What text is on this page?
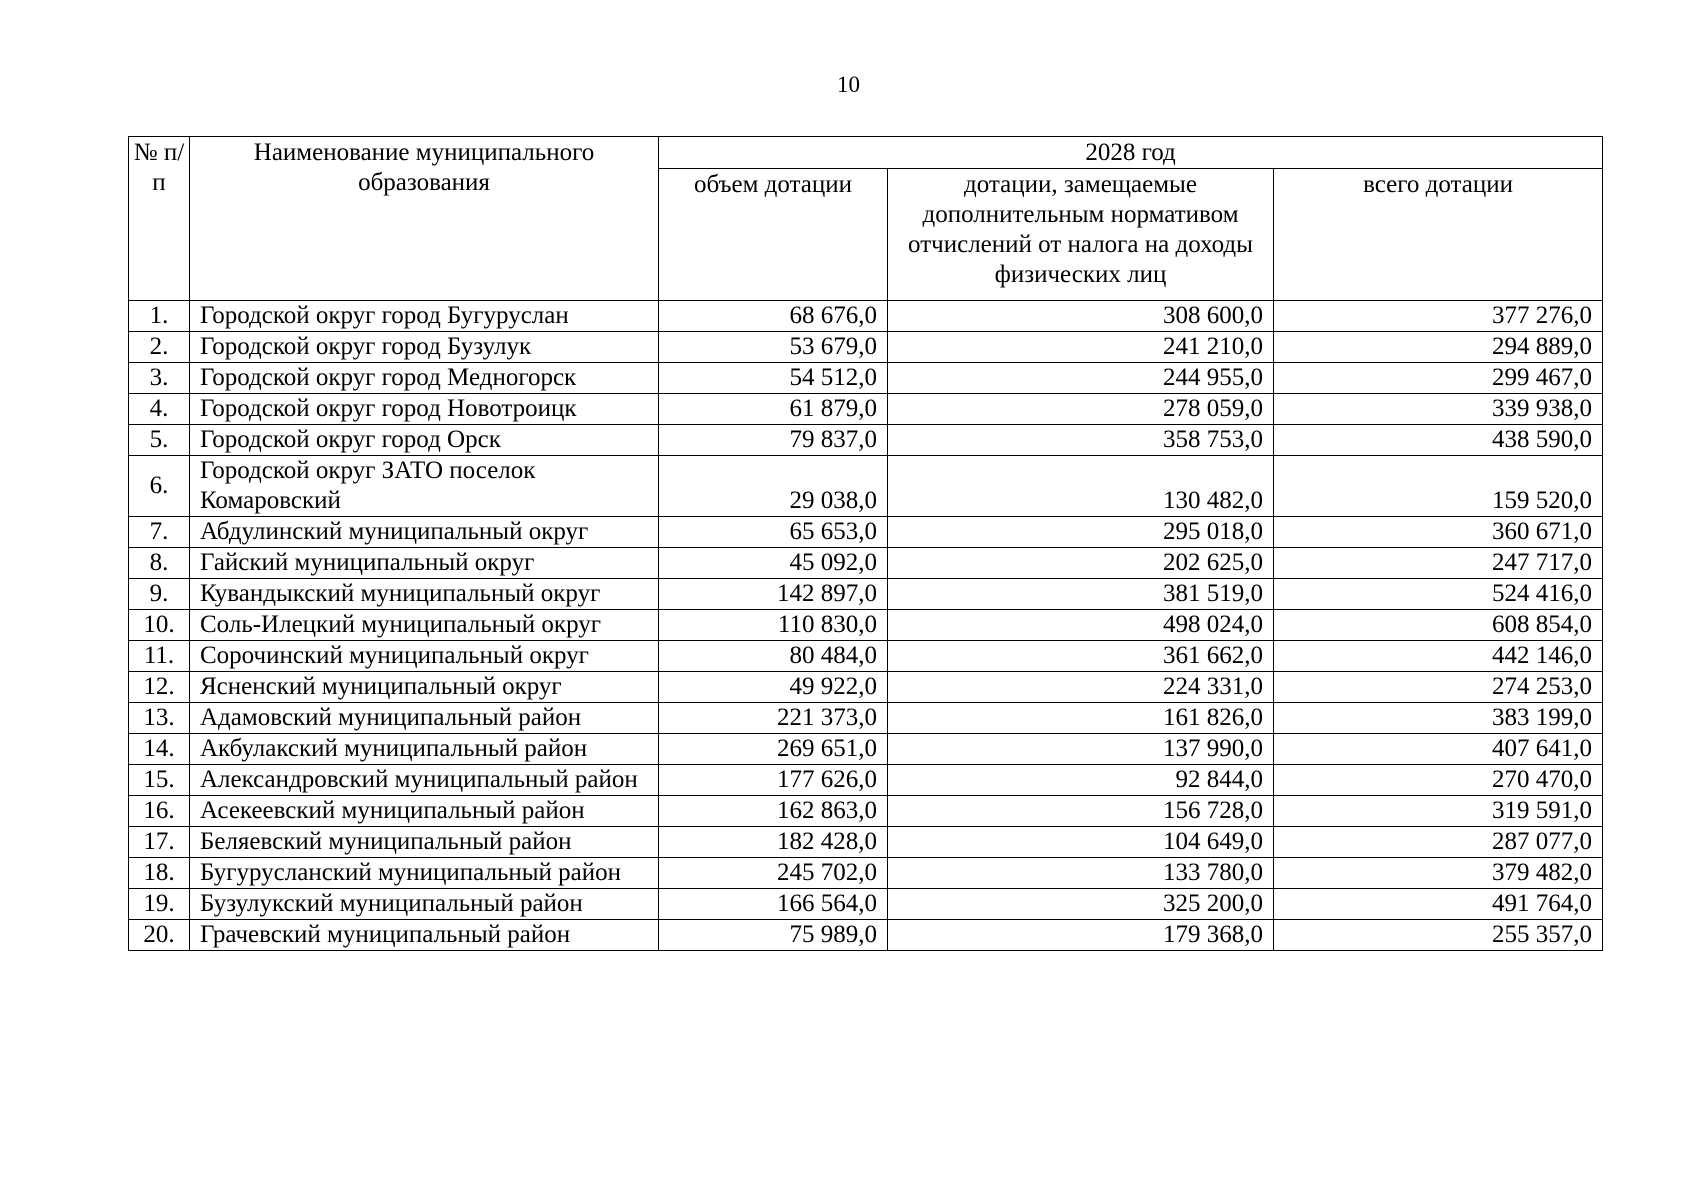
10
№ п/п	Наименование муниципального образования	2028 год		
		объем дотации	дотации, замещаемые дополнительным нормативом отчислений от налога на доходы физических лиц	всего дотации
1.	Городской округ город Бугуруслан	68 676,0	308 600,0	377 276,0
2.	Городской округ город Бузулук	53 679,0	241 210,0	294 889,0
3.	Городской округ город Медногорск	54 512,0	244 955,0	299 467,0
4.	Городской округ город Новотроицк	61 879,0	278 059,0	339 938,0
5.	Городской округ город Орск	79 837,0	358 753,0	438 590,0
6.	Городской округ ЗАТО поселок Комаровский	29 038,0	130 482,0	159 520,0
7.	Абдулинский муниципальный округ	65 653,0	295 018,0	360 671,0
8.	Гайский муниципальный округ	45 092,0	202 625,0	247 717,0
9.	Кувандыкский муниципальный округ	142 897,0	381 519,0	524 416,0
10.	Соль-Илецкий муниципальный округ	110 830,0	498 024,0	608 854,0
11.	Сорочинский муниципальный округ	80 484,0	361 662,0	442 146,0
12.	Ясненский муниципальный округ	49 922,0	224 331,0	274 253,0
13.	Адамовский муниципальный район	221 373,0	161 826,0	383 199,0
14.	Акбулакский муниципальный район	269 651,0	137 990,0	407 641,0
15.	Александровский муниципальный район	177 626,0	92 844,0	270 470,0
16.	Асекеевский муниципальный район	162 863,0	156 728,0	319 591,0
17.	Беляевский муниципальный район	182 428,0	104 649,0	287 077,0
18.	Бугурусланский муниципальный район	245 702,0	133 780,0	379 482,0
19.	Бузулукский муниципальный район	166 564,0	325 200,0	491 764,0
20.	Грачевский муниципальный район	75 989,0	179 368,0	255 357,0
